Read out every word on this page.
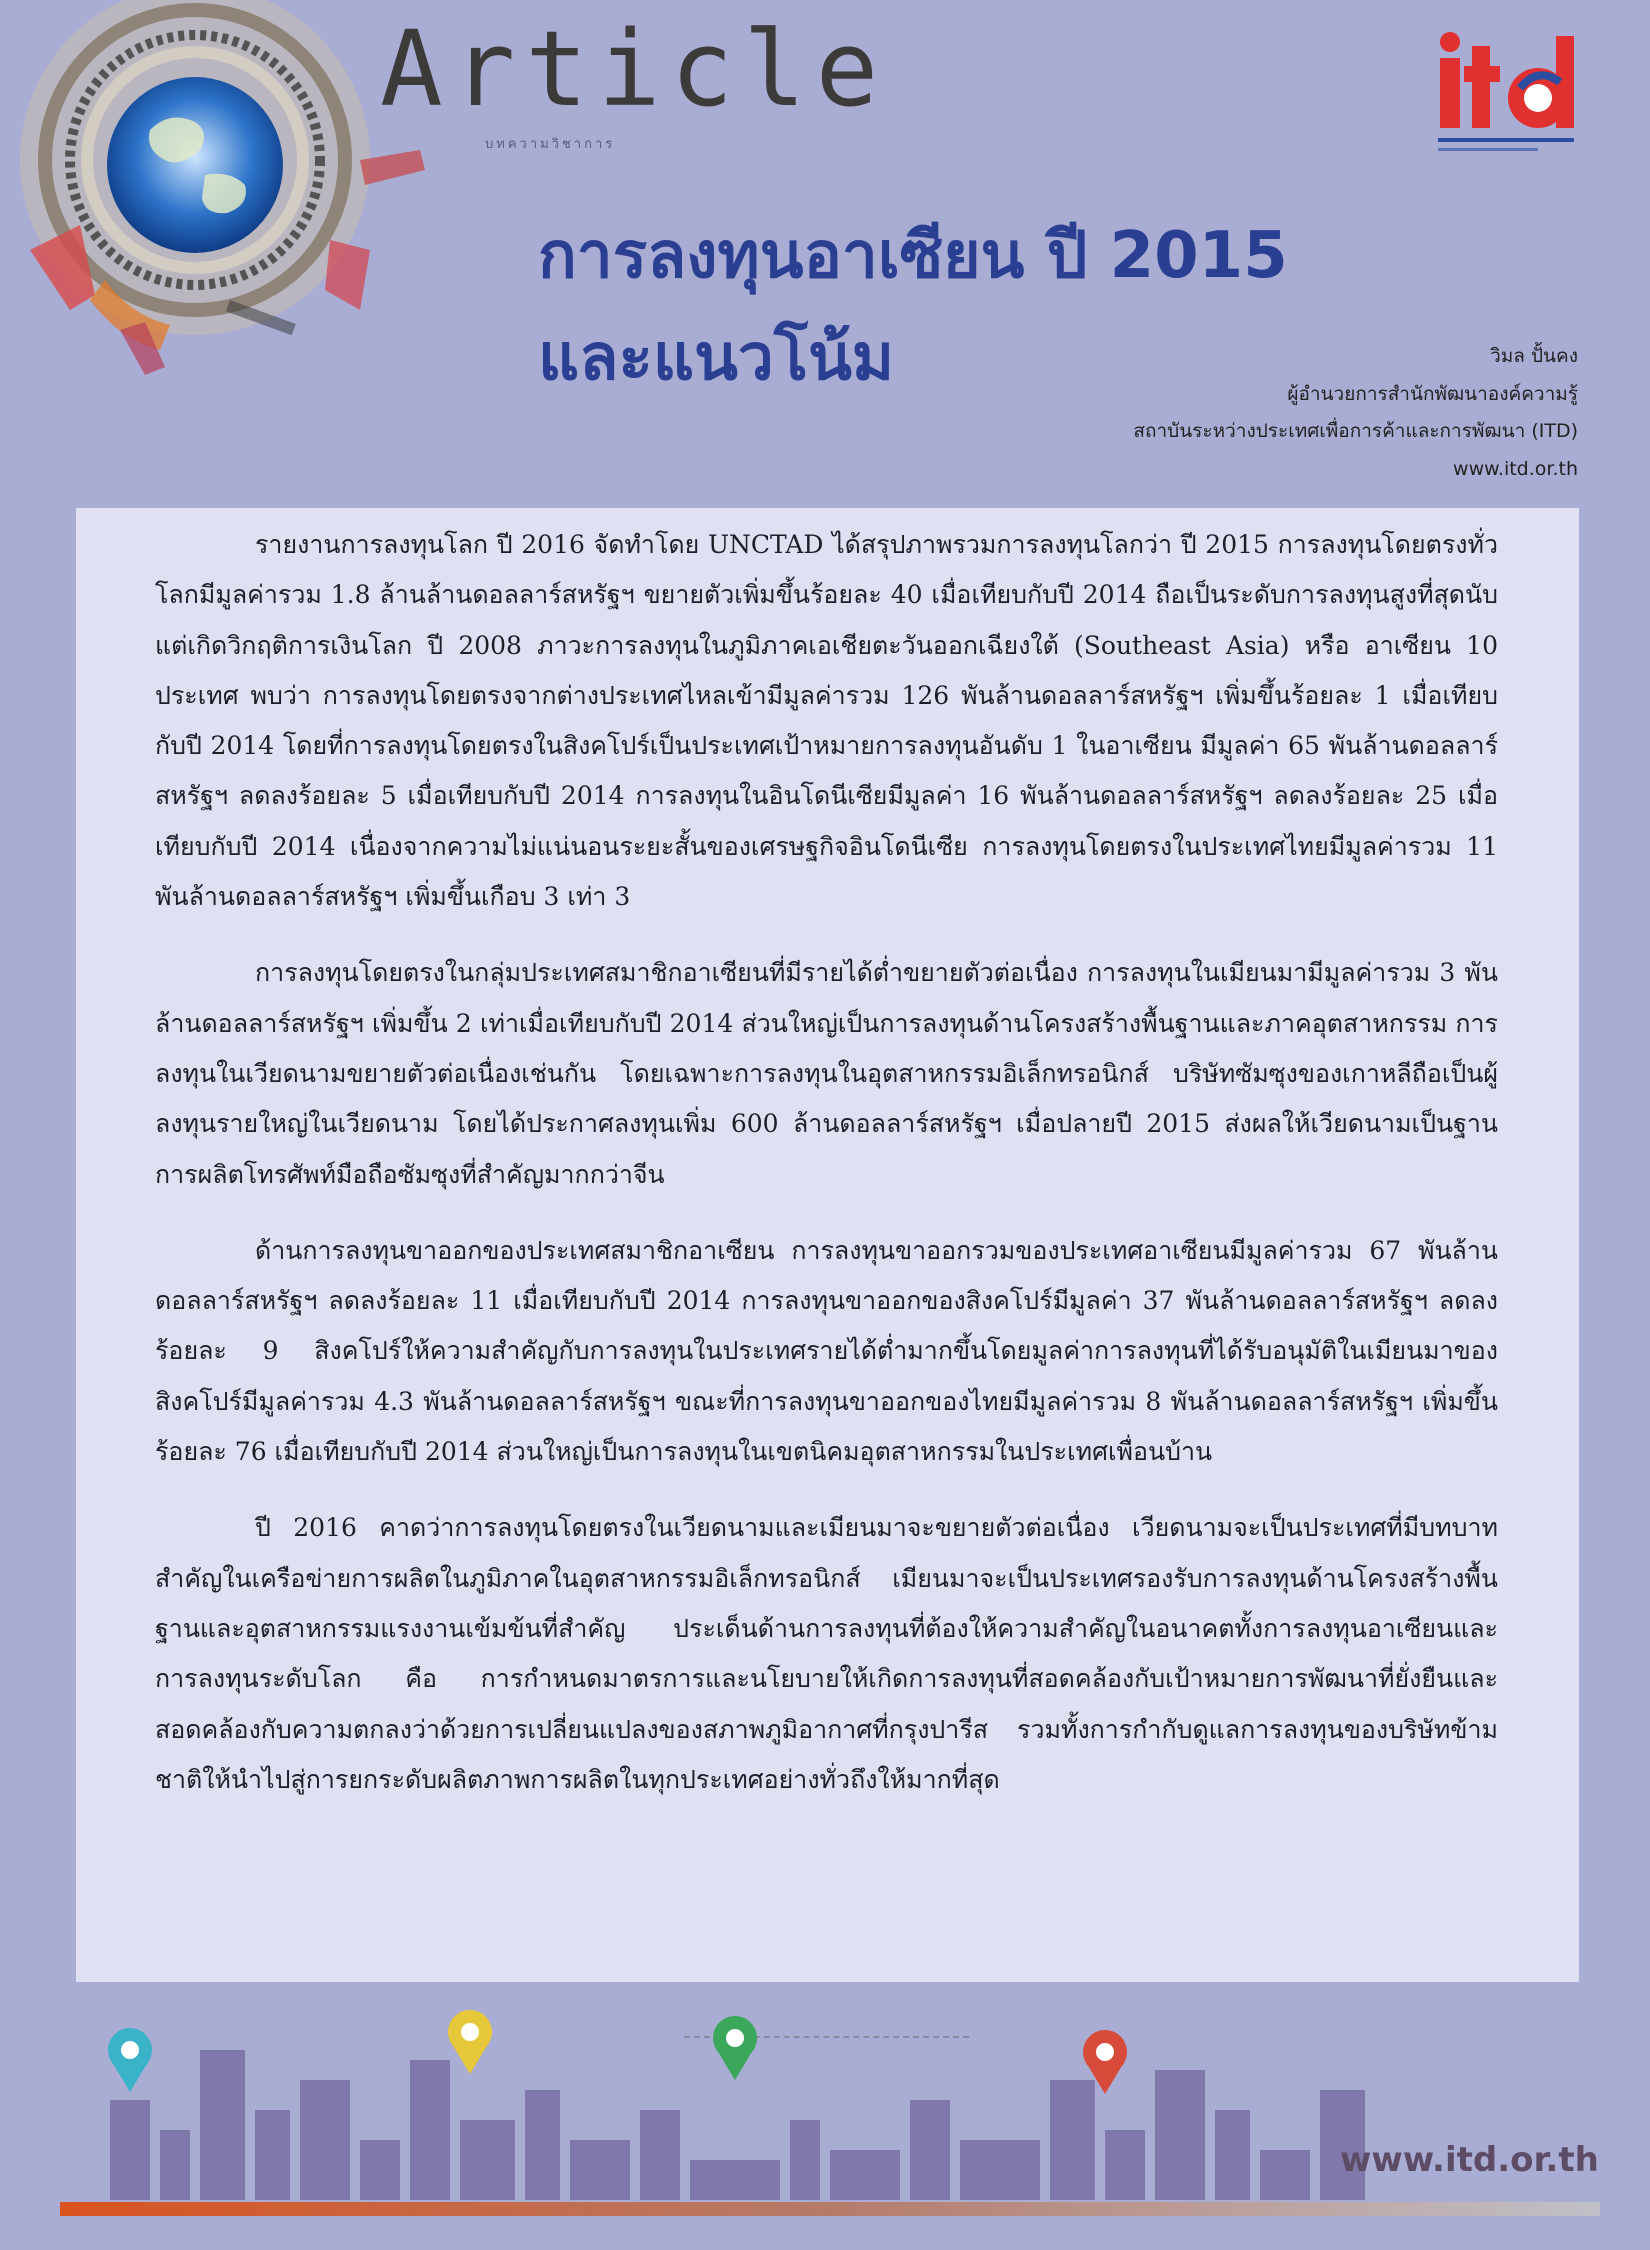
Article
บทความวิชาการ
การลงทุนอาเซียน ปี 2015
และแนวโน้ม	วิมล ปั้นคง
ผู้อำนวยการสำนักพัฒนาองค์ความรู้
สถาบันระหว่างประเทศเพื่อการค้าและการพัฒนา (ITD)
www.itd.or.th

รายงานการลงทุนโลก ปี 2016 จัดทำโดย UNCTAD ได้สรุปภาพรวมการลงทุนโลกว่า ปี 2015 การลงทุนโดยตรงทั่วโลกมีมูลค่ารวม 1.8 ล้านล้านดอลลาร์สหรัฐฯ ขยายตัวเพิ่มขึ้นร้อยละ 40 เมื่อเทียบกับปี 2014 ถือเป็นระดับการลงทุนสูงที่สุดนับแต่เกิดวิกฤติการเงินโลก ปี 2008 ภาวะการลงทุนในภูมิภาคเอเชียตะวันออกเฉียงใต้ (Southeast Asia) หรือ อาเซียน 10 ประเทศ พบว่า การลงทุนโดยตรงจากต่างประเทศไหลเข้ามีมูลค่ารวม 126 พันล้านดอลลาร์สหรัฐฯ เพิ่มขึ้นร้อยละ 1 เมื่อเทียบกับปี 2014 โดยที่การลงทุนโดยตรงในสิงคโปร์เป็นประเทศเป้าหมายการลงทุนอันดับ 1 ในอาเซียน มีมูลค่า 65 พันล้านดอลลาร์สหรัฐฯ ลดลงร้อยละ 5 เมื่อเทียบกับปี 2014 การลงทุนในอินโดนีเซียมีมูลค่า 16 พันล้านดอลลาร์สหรัฐฯ ลดลงร้อยละ 25 เมื่อเทียบกับปี 2014 เนื่องจากความไม่แน่นอนระยะสั้นของเศรษฐกิจอินโดนีเซีย การลงทุนโดยตรงในประเทศไทยมีมูลค่ารวม 11 พันล้านดอลลาร์สหรัฐฯ เพิ่มขึ้นเกือบ 3 เท่า 3

การลงทุนโดยตรงในกลุ่มประเทศสมาชิกอาเซียนที่มีรายได้ต่ำขยายตัวต่อเนื่อง การลงทุนในเมียนมามีมูลค่ารวม 3 พันล้านดอลลาร์สหรัฐฯ เพิ่มขึ้น 2 เท่าเมื่อเทียบกับปี 2014 ส่วนใหญ่เป็นการลงทุนด้านโครงสร้างพื้นฐานและภาคอุตสาหกรรม การลงทุนในเวียดนามขยายตัวต่อเนื่องเช่นกัน โดยเฉพาะการลงทุนในอุตสาหกรรมอิเล็กทรอนิกส์ บริษัทซัมซุงของเกาหลีถือเป็นผู้ลงทุนรายใหญ่ในเวียดนาม โดยได้ประกาศลงทุนเพิ่ม 600 ล้านดอลลาร์สหรัฐฯ เมื่อปลายปี 2015 ส่งผลให้เวียดนามเป็นฐานการผลิตโทรศัพท์มือถือซัมซุงที่สำคัญมากกว่าจีน

ด้านการลงทุนขาออกของประเทศสมาชิกอาเซียน การลงทุนขาออกรวมของประเทศอาเซียนมีมูลค่ารวม 67 พันล้านดอลลาร์สหรัฐฯ ลดลงร้อยละ 11 เมื่อเทียบกับปี 2014 การลงทุนขาออกของสิงคโปร์มีมูลค่า 37 พันล้านดอลลาร์สหรัฐฯ ลดลงร้อยละ 9 สิงคโปร์ให้ความสำคัญกับการลงทุนในประเทศรายได้ต่ำมากขึ้นโดยมูลค่าการลงทุนที่ได้รับอนุมัติในเมียนมาของสิงคโปร์มีมูลค่ารวม 4.3 พันล้านดอลลาร์สหรัฐฯ ขณะที่การลงทุนขาออกของไทยมีมูลค่ารวม 8 พันล้านดอลลาร์สหรัฐฯ เพิ่มขึ้นร้อยละ 76 เมื่อเทียบกับปี 2014 ส่วนใหญ่เป็นการลงทุนในเขตนิคมอุตสาหกรรมในประเทศเพื่อนบ้าน

ปี 2016 คาดว่าการลงทุนโดยตรงในเวียดนามและเมียนมาจะขยายตัวต่อเนื่อง เวียดนามจะเป็นประเทศที่มีบทบาทสำคัญในเครือข่ายการผลิตในภูมิภาคในอุตสาหกรรมอิเล็กทรอนิกส์ เมียนมาจะเป็นประเทศรองรับการลงทุนด้านโครงสร้างพื้นฐานและอุตสาหกรรมแรงงานเข้มข้นที่สำคัญ ประเด็นด้านการลงทุนที่ต้องให้ความสำคัญในอนาคตทั้งการลงทุนอาเซียนและการลงทุนระดับโลก คือ การกำหนดมาตรการและนโยบายให้เกิดการลงทุนที่สอดคล้องกับเป้าหมายการพัฒนาที่ยั่งยืนและสอดคล้องกับความตกลงว่าด้วยการเปลี่ยนแปลงของสภาพภูมิอากาศที่กรุงปารีส รวมทั้งการกำกับดูแลการลงทุนของบริษัทข้ามชาติให้นำไปสู่การยกระดับผลิตภาพการผลิตในทุกประเทศอย่างทั่วถึงให้มากที่สุด

www.itd.or.th
